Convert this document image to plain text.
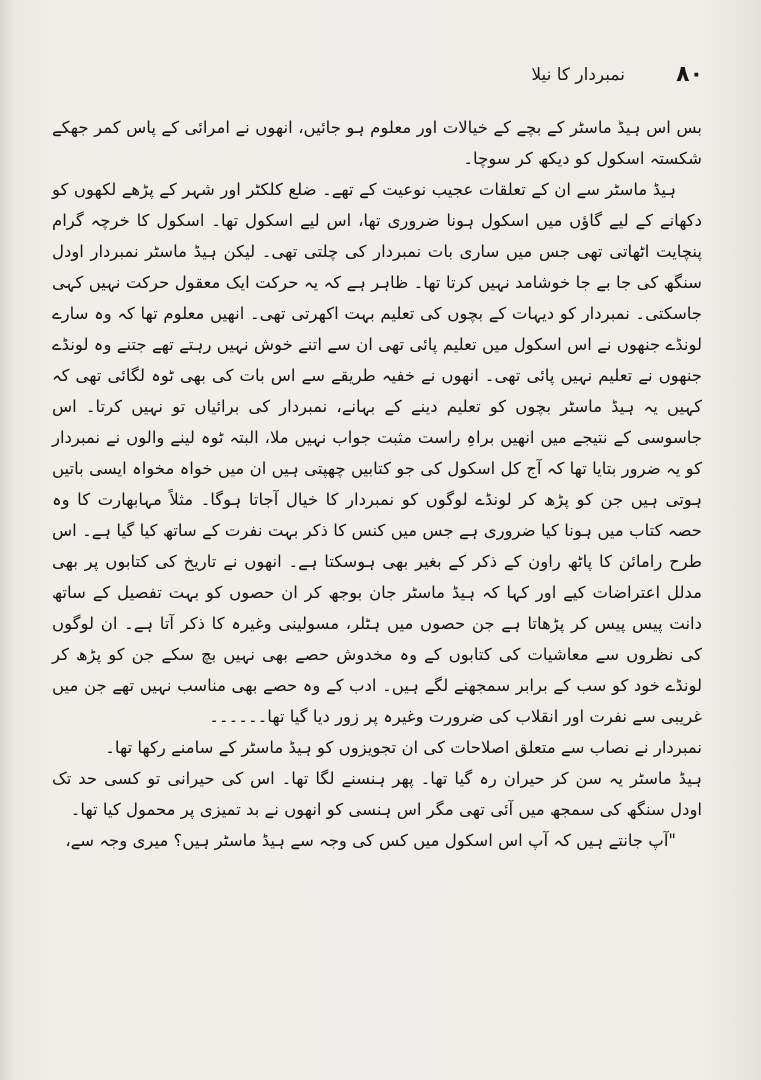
۸۰
نمبردار کا نیلا

بس اس ہیڈ ماسٹر کے بچے کے خیالات اور معلوم ہو جائیں، انھوں نے امرائی کے پاس کمر جھکے شکستہ اسکول کو دیکھ کر سوچا۔

ہیڈ ماسٹر سے ان کے تعلقات عجیب نوعیت کے تھے۔ ضلع کلکٹر اور شہر کے پڑھے لکھوں کو دکھانے کے لیے گاؤں میں اسکول ہونا ضروری تھا، اس لیے اسکول تھا۔ اسکول کا خرچہ گرام پنچایت اٹھاتی تھی جس میں ساری بات نمبردار کی چلتی تھی۔ لیکن ہیڈ ماسٹر نمبردار اودل سنگھ کی جا بے جا خوشامد نہیں کرتا تھا۔ ظاہر ہے کہ یہ حرکت ایک معقول حرکت نہیں کہی جاسکتی۔ نمبردار کو دیہات کے بچوں کی تعلیم بہت اکھرتی تھی۔ انھیں معلوم تھا کہ وہ سارے لونڈے جنھوں نے اس اسکول میں تعلیم پائی تھی ان سے اتنے خوش نہیں رہتے تھے جتنے وہ لونڈے جنھوں نے تعلیم نہیں پائی تھی۔ انھوں نے خفیہ طریقے سے اس بات کی بھی ٹوہ لگائی تھی کہ کہیں یہ ہیڈ ماسٹر بچوں کو تعلیم دینے کے بہانے، نمبردار کی برائیاں تو نہیں کرتا۔ اس جاسوسی کے نتیجے میں انھیں براہِ راست مثبت جواب نہیں ملا، البتہ ٹوہ لینے والوں نے نمبردار کو یہ ضرور بتایا تھا کہ آج کل اسکول کی جو کتابیں چھپتی ہیں ان میں خواہ مخواہ ایسی باتیں ہوتی ہیں جن کو پڑھ کر لونڈے لوگوں کو نمبردار کا خیال آجاتا ہوگا۔ مثلاً مہابھارت کا وہ حصہ کتاب میں ہونا کیا ضروری ہے جس میں کنس کا ذکر بہت نفرت کے ساتھ کیا گیا ہے۔ اس طرح رامائن کا پاٹھ راون کے ذکر کے بغیر بھی ہوسکتا ہے۔ انھوں نے تاریخ کی کتابوں پر بھی مدلل اعتراضات کیے اور کہا کہ ہیڈ ماسٹر جان بوجھ کر ان حصوں کو بہت تفصیل کے ساتھ دانت پیس پیس کر پڑھاتا ہے جن حصوں میں ہٹلر، مسولینی وغیرہ کا ذکر آتا ہے۔ ان لوگوں کی نظروں سے معاشیات کی کتابوں کے وہ مخدوش حصے بھی نہیں بچ سکے جن کو پڑھ کر لونڈے خود کو سب کے برابر سمجھنے لگے ہیں۔ ادب کے وہ حصے بھی مناسب نہیں تھے جن میں غریبی سے نفرت اور انقلاب کی ضرورت وغیرہ پر زور دیا گیا تھا۔۔۔۔۔۔

نمبردار نے نصاب سے متعلق اصلاحات کی ان تجویزوں کو ہیڈ ماسٹر کے سامنے رکھا تھا۔

ہیڈ ماسٹر یہ سن کر حیران رہ گیا تھا۔ پھر ہنسنے لگا تھا۔ اس کی حیرانی تو کسی حد تک اودل سنگھ کی سمجھ میں آئی تھی مگر اس ہنسی کو انھوں نے بد تمیزی پر محمول کیا تھا۔

"آپ جانتے ہیں کہ آپ اس اسکول میں کس کی وجہ سے ہیڈ ماسٹر ہیں؟ میری وجہ سے،
